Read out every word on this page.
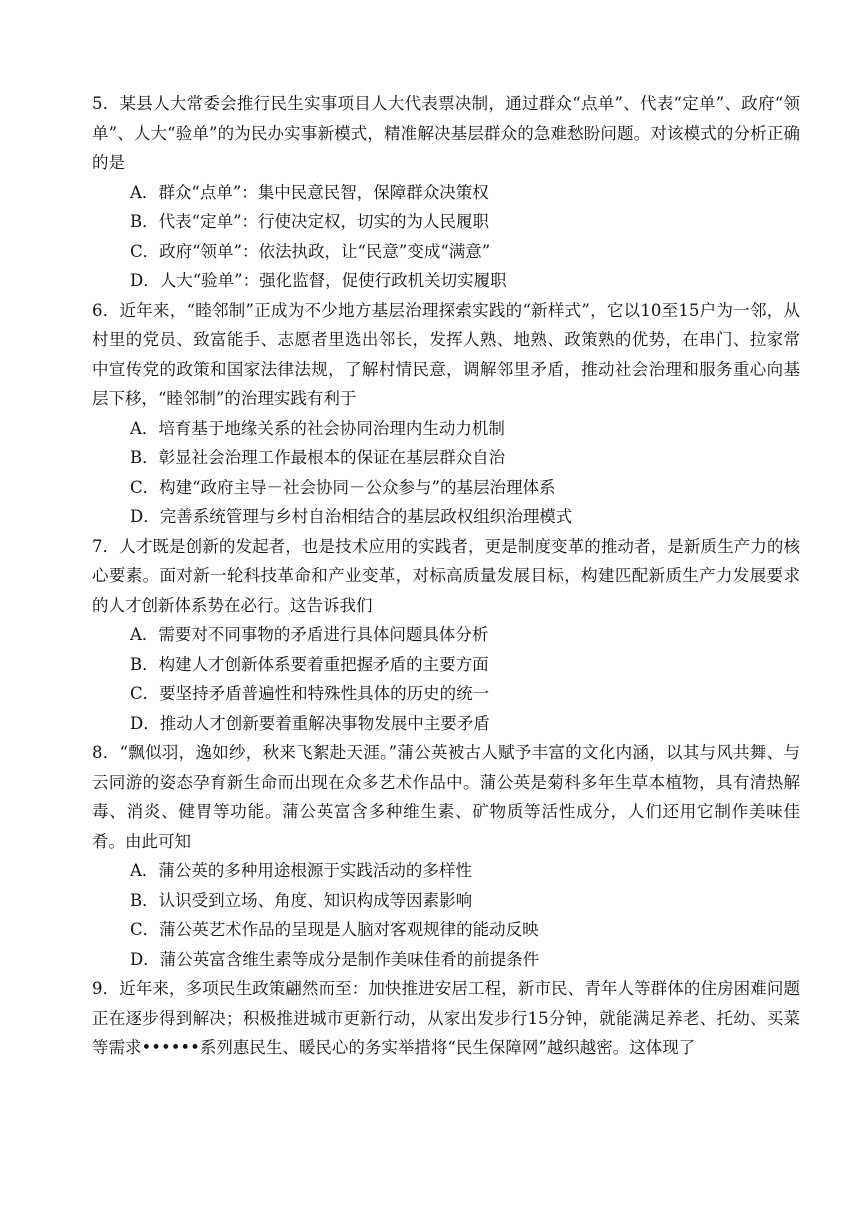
5．某县人大常委会推行民生实事项目人大代表票决制，通过群众“点单”、代表“定单”、政府“领单”、人大“验单”的为民办实事新模式，精准解决基层群众的急难愁盼问题。对该模式的分析正确的是

A．群众“点单”：集中民意民智，保障群众决策权
B．代表“定单”：行使决定权，切实的为人民履职
C．政府“领单”：依法执政，让“民意”变成“满意”
D．人大“验单”：强化监督，促使行政机关切实履职

6．近年来，“睦邻制”正成为不少地方基层治理探索实践的“新样式”，它以10至15户为一邻，从村里的党员、致富能手、志愿者里选出邻长，发挥人熟、地熟、政策熟的优势，在串门、拉家常中宣传党的政策和国家法律法规，了解村情民意，调解邻里矛盾，推动社会治理和服务重心向基层下移，“睦邻制”的治理实践有利于

A．培育基于地缘关系的社会协同治理内生动力机制
B．彰显社会治理工作最根本的保证在基层群众自治
C．构建“政府主导－社会协同－公众参与”的基层治理体系
D．完善系统管理与乡村自治相结合的基层政权组织治理模式

7．人才既是创新的发起者，也是技术应用的实践者，更是制度变革的推动者，是新质生产力的核心要素。面对新一轮科技革命和产业变革，对标高质量发展目标，构建匹配新质生产力发展要求的人才创新体系势在必行。这告诉我们

A．需要对不同事物的矛盾进行具体问题具体分析
B．构建人才创新体系要着重把握矛盾的主要方面
C．要坚持矛盾普遍性和特殊性具体的历史的统一
D．推动人才创新要着重解决事物发展中主要矛盾

8．“飘似羽，逸如纱，秋来飞絮赴天涯。”蒲公英被古人赋予丰富的文化内涵，以其与风共舞、与云同游的姿态孕育新生命而出现在众多艺术作品中。蒲公英是菊科多年生草本植物，具有清热解毒、消炎、健胃等功能。蒲公英富含多种维生素、矿物质等活性成分，人们还用它制作美味佳肴。由此可知

A．蒲公英的多种用途根源于实践活动的多样性
B．认识受到立场、角度、知识构成等因素影响
C．蒲公英艺术作品的呈现是人脑对客观规律的能动反映
D．蒲公英富含维生素等成分是制作美味佳肴的前提条件

9．近年来，多项民生政策翩然而至：加快推进安居工程，新市民、青年人等群体的住房困难问题正在逐步得到解决；积极推进城市更新行动，从家出发步行15分钟，就能满足养老、托幼、买菜等需求••••••系列惠民生、暖民心的务实举措将“民生保障网”越织越密。这体现了
